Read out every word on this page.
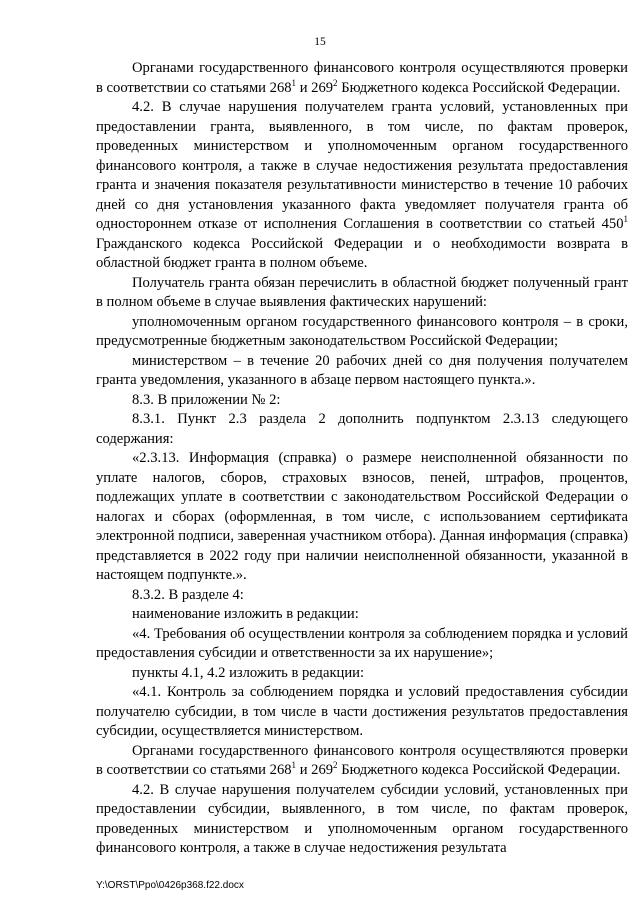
15

Органами государственного финансового контроля осуществляются проверки в соответствии со статьями $268^1$ и $269^2$ Бюджетного кодекса Российской Федерации.

4.2. В случае нарушения получателем гранта условий, установленных при предоставлении гранта, выявленного, в том числе, по фактам проверок, проведенных министерством и уполномоченным органом государственного финансового контроля, а также в случае недостижения результата предоставления гранта и значения показателя результативности министерство в течение 10 рабочих дней со дня установления указанного факта уведомляет получателя гранта об одностороннем отказе от исполнения Соглашения в соответствии со статьей $450^1$ Гражданского кодекса Российской Федерации и о необходимости возврата в областной бюджет гранта в полном объеме.

Получатель гранта обязан перечислить в областной бюджет полученный грант в полном объеме в случае выявления фактических нарушений:

уполномоченным органом государственного финансового контроля – в сроки, предусмотренные бюджетным законодательством Российской Федерации;

министерством – в течение 20 рабочих дней со дня получения получателем гранта уведомления, указанного в абзаце первом настоящего пункта.».

8.3. В приложении № 2:

8.3.1. Пункт 2.3 раздела 2 дополнить подпунктом 2.3.13 следующего содержания:

«2.3.13. Информация (справка) о размере неисполненной обязанности по уплате налогов, сборов, страховых взносов, пеней, штрафов, процентов, подлежащих уплате в соответствии с законодательством Российской Федерации о налогах и сборах (оформленная, в том числе, с использованием сертификата электронной подписи, заверенная участником отбора). Данная информация (справка) представляется в 2022 году при наличии неисполненной обязанности, указанной в настоящем подпункте.».

8.3.2. В разделе 4:

наименование изложить в редакции:

«4. Требования об осуществлении контроля за соблюдением порядка и условий предоставления субсидии и ответственности за их нарушение»;

пункты 4.1, 4.2 изложить в редакции:

«4.1. Контроль за соблюдением порядка и условий предоставления субсидии получателю субсидии, в том числе в части достижения результатов предоставления субсидии, осуществляется министерством.

Органами государственного финансового контроля осуществляются проверки в соответствии со статьями $268^1$ и $269^2$ Бюджетного кодекса Российской Федерации.

4.2. В случае нарушения получателем субсидии условий, установленных при предоставлении субсидии, выявленного, в том числе, по фактам проверок, проведенных министерством и уполномоченным органом государственного финансового контроля, а также в случае недостижения результата

Y:\ORST\Ppo\0426p368.f22.docx
